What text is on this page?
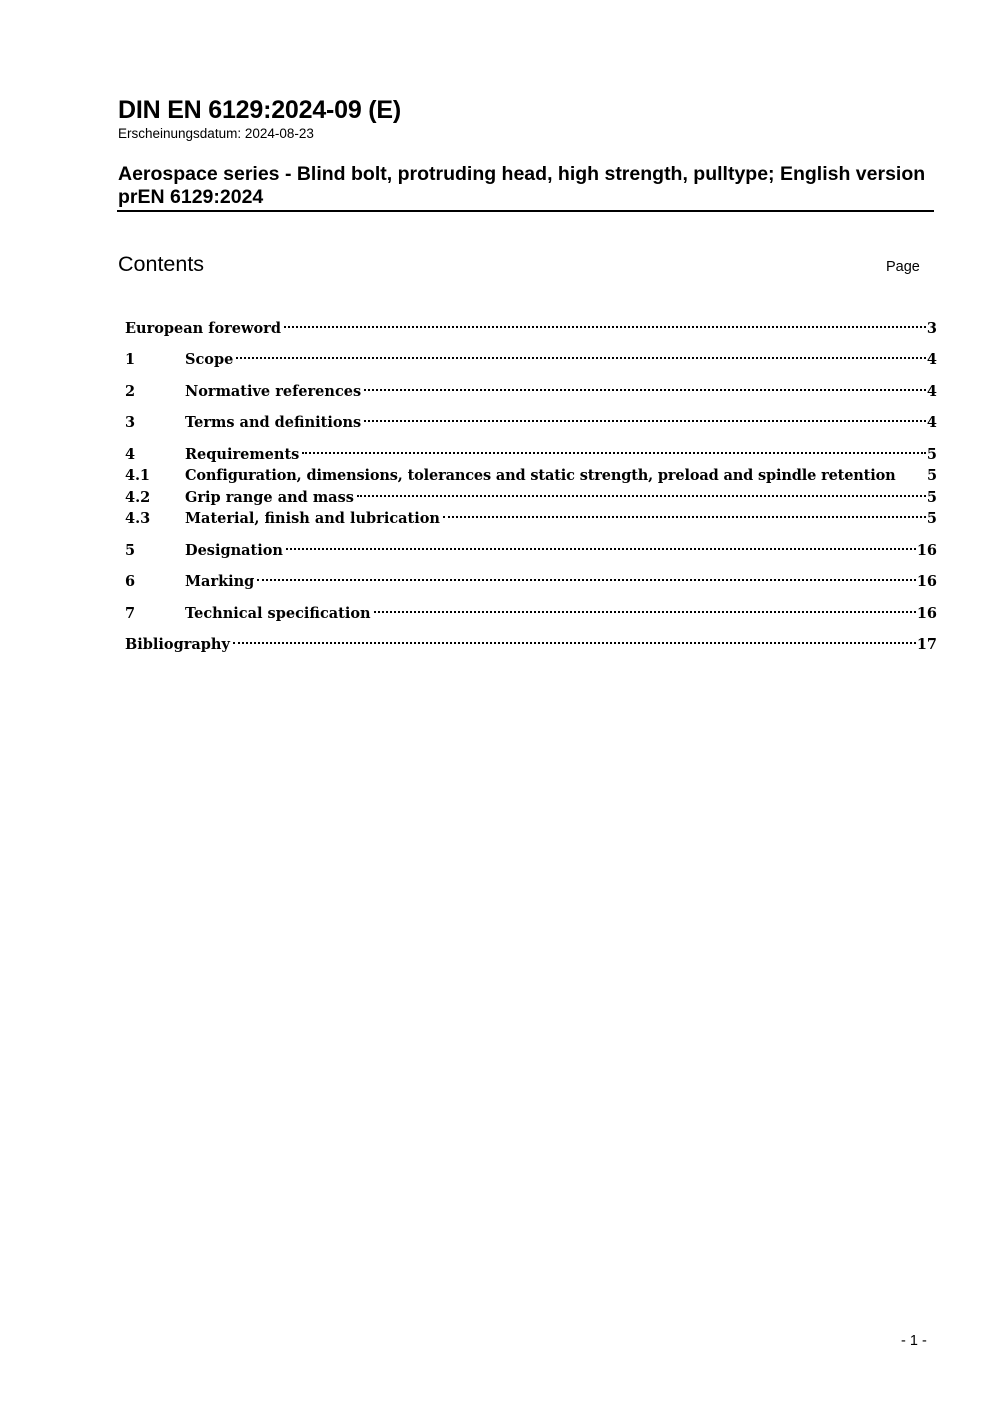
DIN EN 6129:2024-09 (E)
Erscheinungsdatum: 2024-08-23
Aerospace series - Blind bolt, protruding head, high strength, pulltype; English version prEN 6129:2024
Contents	Page
European foreword	3
1	Scope	4
2	Normative references	4
3	Terms and definitions	4
4	Requirements	5
4.1	Configuration, dimensions, tolerances and static strength, preload and spindle retention 5
4.2	Grip range and mass	5
4.3	Material, finish and lubrication	5
5	Designation	16
6	Marking	16
7	Technical specification	16
Bibliography	17
- 1 -
